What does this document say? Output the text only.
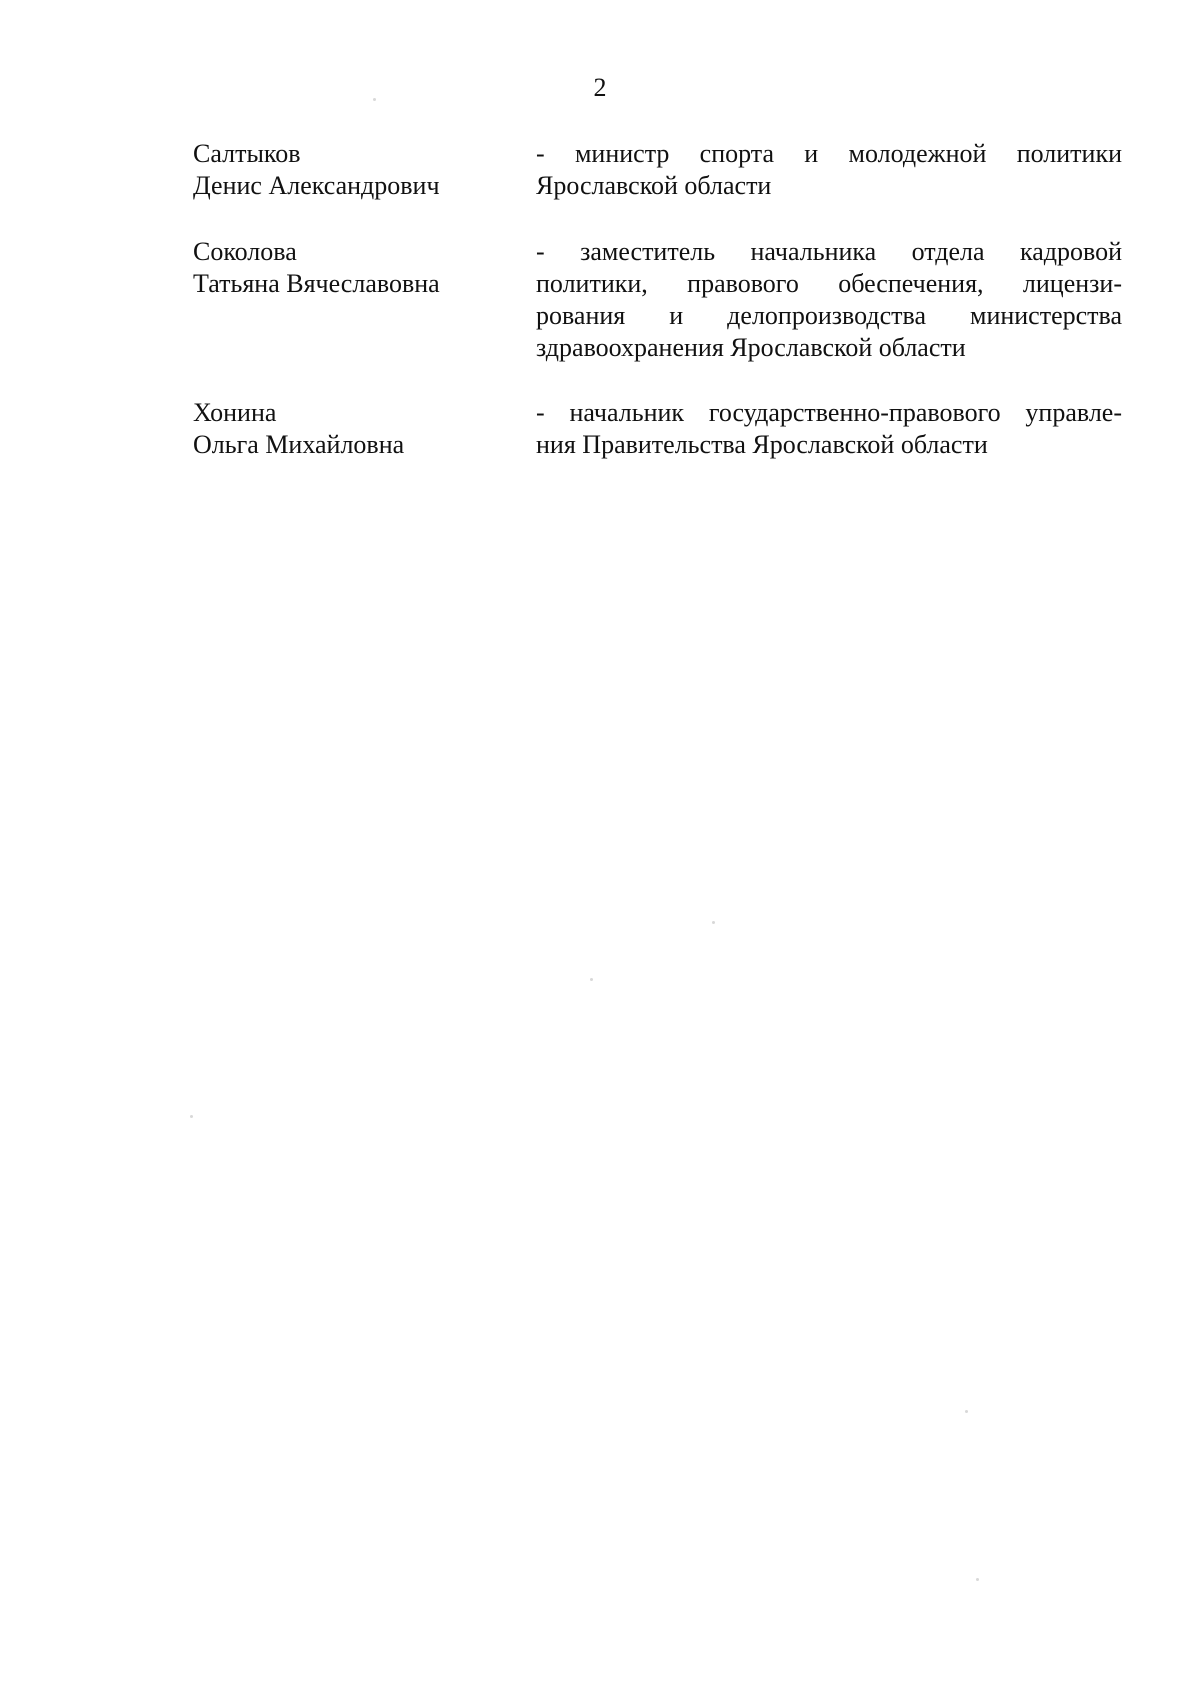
2
Салтыков
Денис Александрович
- министр спорта и молодежной политики
Ярославской области
Соколова
Татьяна Вячеславовна
- заместитель начальника отдела кадровой
политики, правового обеспечения, лицензи-
рования и делопроизводства министерства
здравоохранения Ярославской области
Хонина
Ольга Михайловна
- начальник государственно-правового управле-
ния Правительства Ярославской области
